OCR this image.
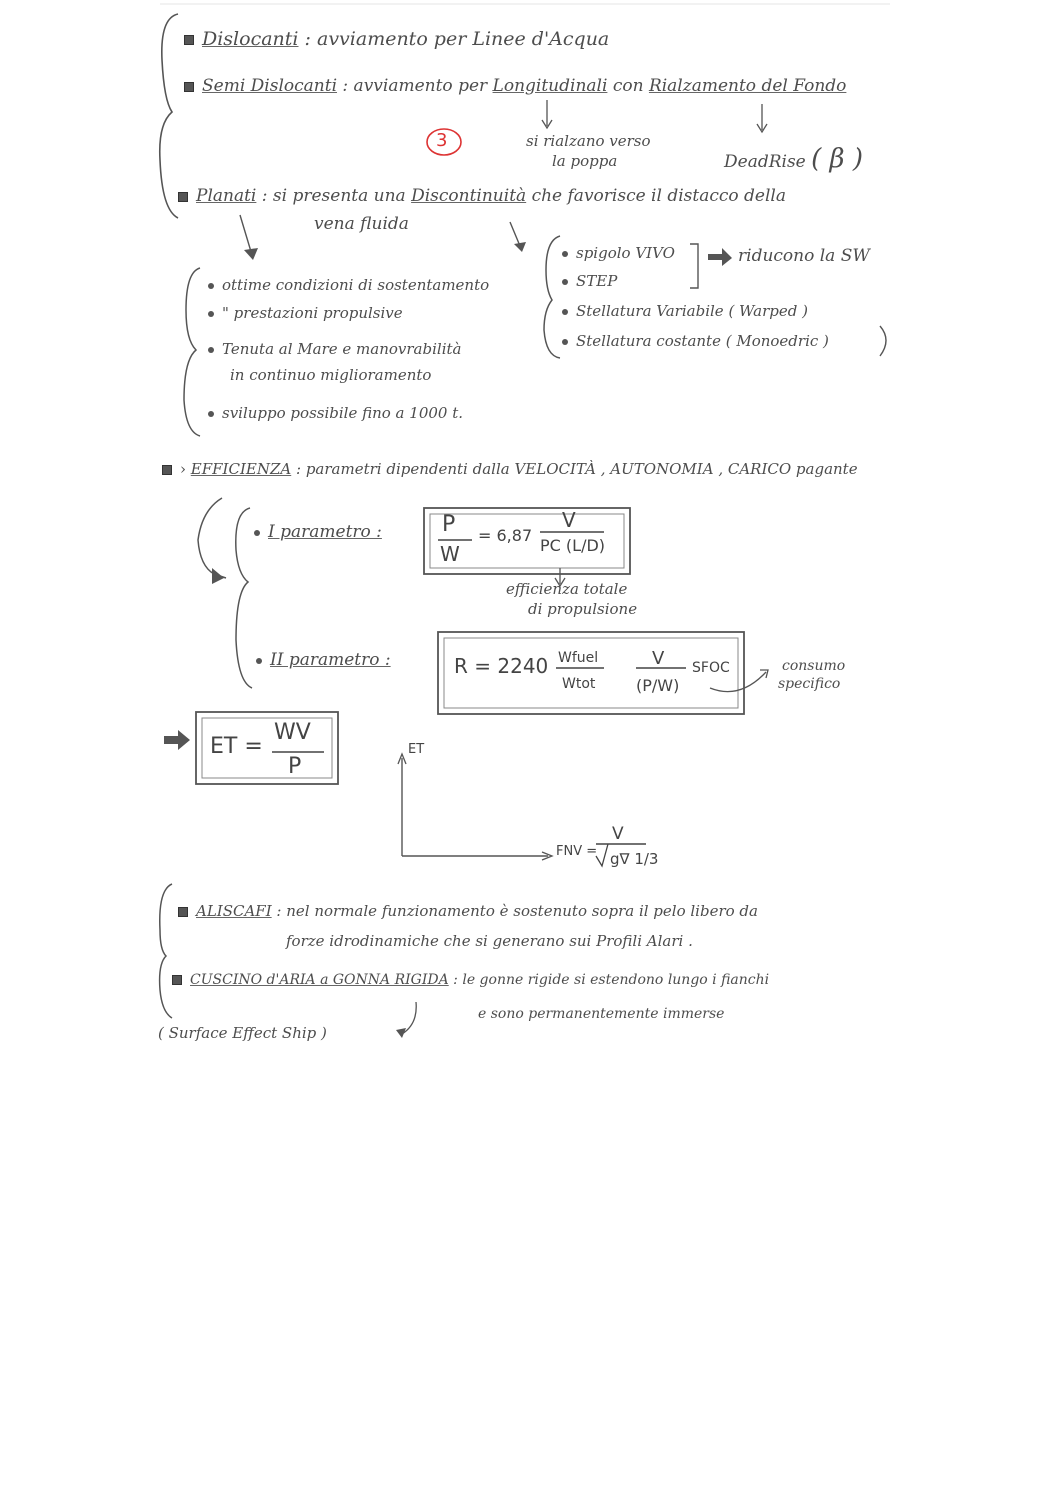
Dislocanti : avviamento per Linee d'Acqua
Semi Dislocanti : avviamento per Longitudinali con Rialzamento del Fondo
si rialzano verso
la poppa	DeadRise ( β )
3
Planati : si presenta una Discontinuità che favorisce il distacco della
vena fluida
ottime condizioni di sostentamento
" prestazioni propulsive
Tenuta al Mare e manovrabilità
in continuo miglioramento
sviluppo possibile fino a 1000 t.
spigolo VIVO
STEP
Stellatura Variabile ( Warped )
Stellatura costante ( Monoedric )
riducono la SW
› EFFICIENZA : parametri dipendenti dalla VELOCITÀ , AUTONOMIA , CARICO pagante
I parametro :	P
W
= 6,87
V
PC (L/D)
efficienza totale
di propulsione
II parametro :	R = 2240 Wfuel
Wtot
V
(P/W)
SFOC	consumo
specifico
ET =
WV
P
ET
FNV =
V
g∇ 1/3
ALISCAFI : nel normale funzionamento è sostenuto sopra il pelo libero da
forze idrodinamiche che si generano sui Profili Alari .
CUSCINO d'ARIA a GONNA RIGIDA : le gonne rigide si estendono lungo i fianchi
e sono permanentemente immerse
( Surface Effect Ship )
